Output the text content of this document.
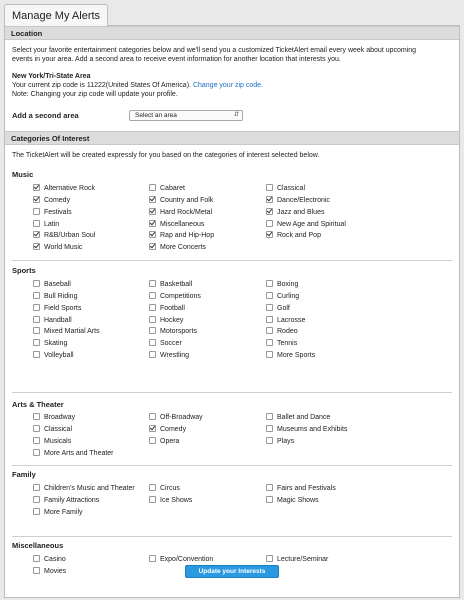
Manage My Alerts
Location
Select your favorite entertainment categories below and we'll send you a customized TicketAlert email every week about upcoming
events in your area. Add a second area to receive event information for another location that interests you.
New York/Tri-State Area
Your current zip code is 11222(United States Of America). Change your zip code.
Note: Changing your zip code will update your profile.
Add a second area	Select an area	⇵
Categories Of Interest
The TicketAlert will be created expressly for you based on the categories of interest selected below.
Music
Alternative Rock	Cabaret	Classical
Comedy	Country and Folk	Dance/Electronic
Festivals	Hard Rock/Metal	Jazz and Blues
Latin	Miscellaneous	New Age and Spiritual
R&B/Urban Soul	Rap and Hip-Hop	Rock and Pop
World Music	More Concerts
Sports
Baseball	Basketball	Boxing
Bull Riding	Competitions	Curling
Field Sports	Football	Golf
Handball	Hockey	Lacrosse
Mixed Martial Arts	Motorsports	Rodeo
Skating	Soccer	Tennis
Volleyball	Wrestling	More Sports
Arts & Theater
Broadway	Off-Broadway	Ballet and Dance
Classical	Comedy	Museums and Exhibits
Musicals	Opera	Plays
More Arts and Theater
Family
Children's Music and Theater	Circus	Fairs and Festivals
Family Attractions	Ice Shows	Magic Shows
More Family
Miscellaneous
Casino	Expo/Convention	Lecture/Seminar
Movies	Update your Interests
